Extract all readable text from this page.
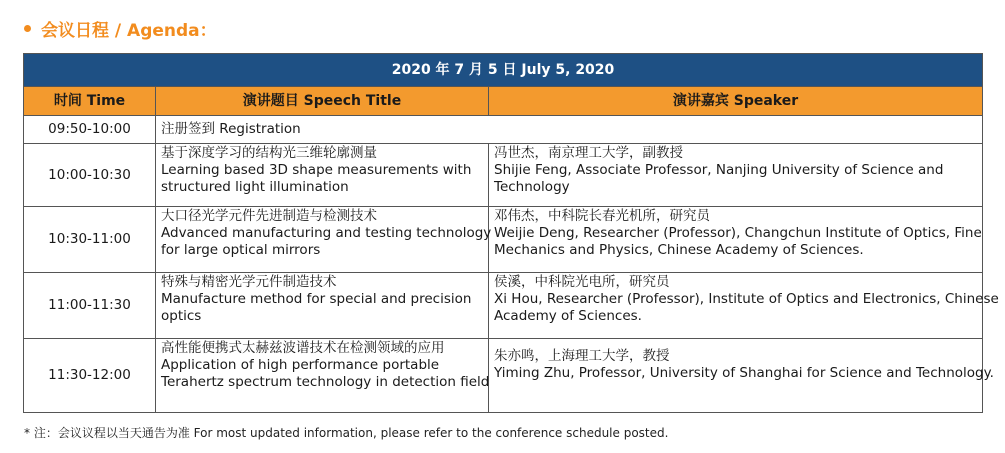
会议日程 / Agenda：
2020 年 7 月 5 日 July 5, 2020		
时间 Time	演讲题目 Speech Title	演讲嘉宾 Speaker
09:50-10:00	注册签到 Registration	

10:00-10:30	基于深度学习的结构光三维轮廓测量
Learning based 3D shape measurements with
structured light illumination	冯世杰，南京理工大学，副教授
Shijie Feng, Associate Professor, Nanjing University of Science and
Technology

10:30-11:00	大口径光学元件先进制造与检测技术
Advanced manufacturing and testing technology
for large optical mirrors	邓伟杰，中科院长春光机所，研究员
Weijie Deng, Researcher (Professor), Changchun Institute of Optics, Fine
Mechanics and Physics, Chinese Academy of Sciences.

11:00-11:30	特殊与精密光学元件制造技术
Manufacture method for special and precision
optics	侯溪，中科院光电所，研究员
Xi Hou, Researcher (Professor), Institute of Optics and Electronics, Chinese
Academy of Sciences.

11:30-12:00	高性能便携式太赫兹波谱技术在检测领域的应用
Application of high performance portable
Terahertz spectrum technology in detection field	朱亦鸣，上海理工大学，教授
Yiming Zhu, Professor, University of Shanghai for Science and Technology.
* 注：会议议程以当天通告为准 For most updated information, please refer to the conference schedule posted.
